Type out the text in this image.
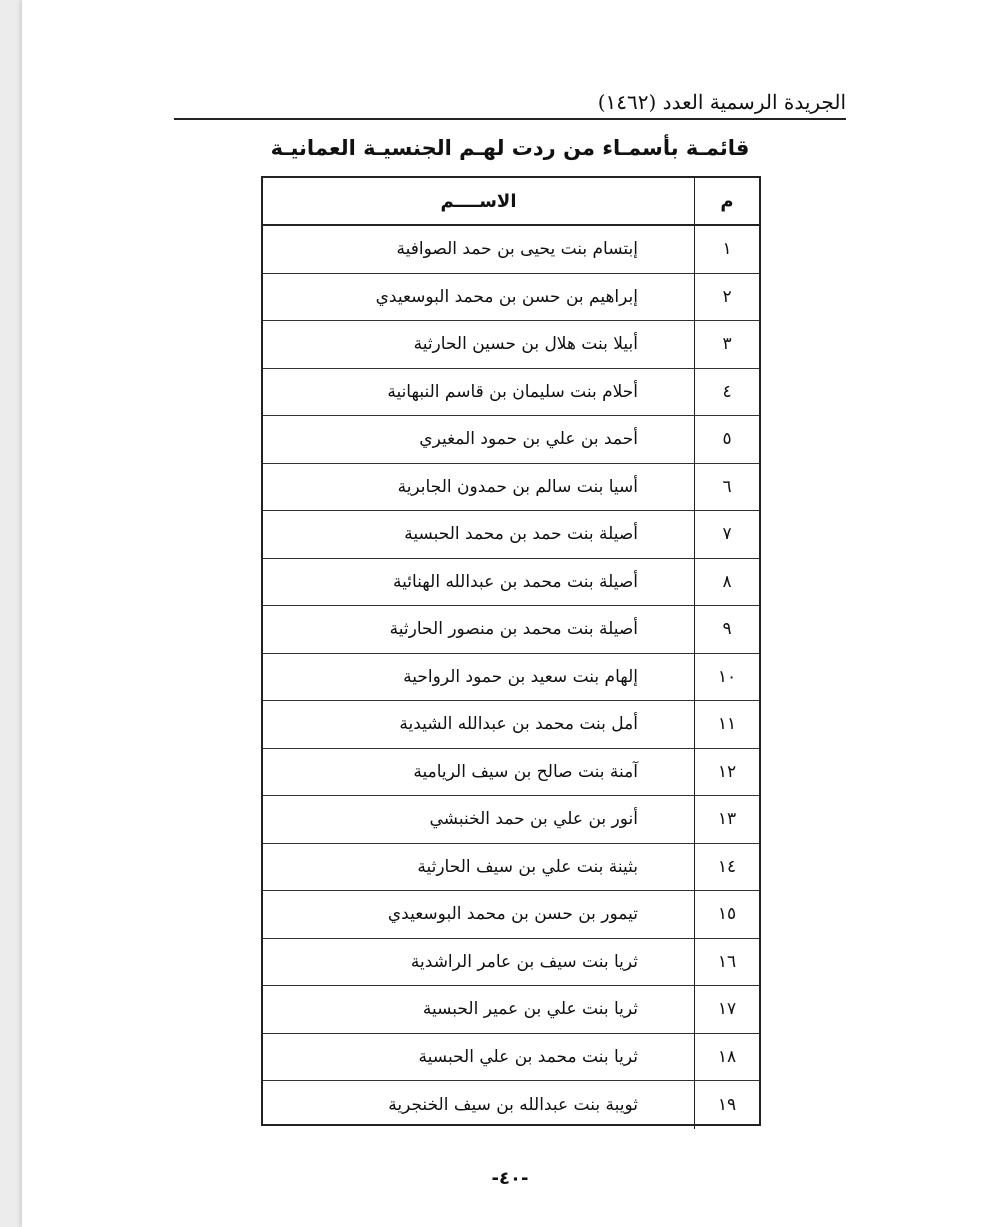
الجريدة الرسمية العدد (١٤٦٢)
قائمـة بأسمـاء من ردت لهـم الجنسيـة العمانيـة
م
الاســــم
١
إبتسام بنت يحيى بن حمد الصوافية
٢
إبراهيم بن حسن بن محمد البوسعيدي
٣
أبيلا بنت هلال بن حسين الحارثية
٤
أحلام بنت سليمان بن قاسم النبهانية
٥
أحمد بن علي بن حمود المغيري
٦
أسيا بنت سالم بن حمدون الجابرية
٧
أصيلة بنت حمد بن محمد الحبسية
٨
أصيلة بنت محمد بن عبدالله الهنائية
٩
أصيلة بنت محمد بن منصور الحارثية
١٠
إلهام بنت سعيد بن حمود الرواحية
١١
أمل بنت محمد بن عبدالله الشيدية
١٢
آمنة بنت صالح بن سيف الريامية
١٣
أنور بن علي بن حمد الخنبشي
١٤
بثينة بنت علي بن سيف الحارثية
١٥
تيمور بن حسن بن محمد البوسعيدي
١٦
ثريا بنت سيف بن عامر الراشدية
١٧
ثريا بنت علي بن عمير الحبسية
١٨
ثريا بنت محمد بن علي الحبسية
١٩
ثويبة بنت عبدالله بن سيف الخنجرية
-٤٠-
